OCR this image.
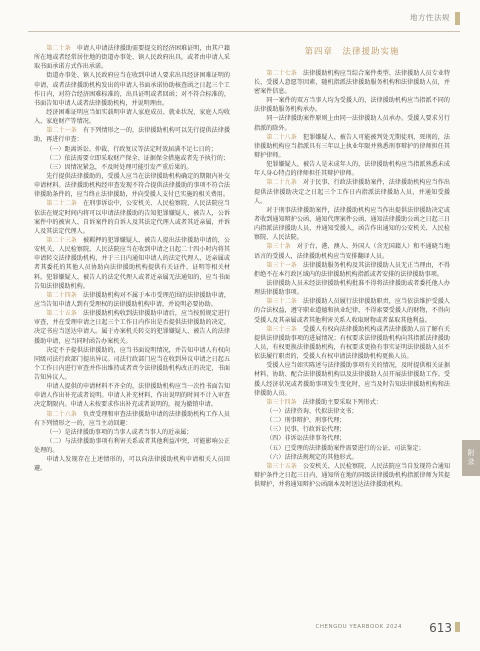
地方性法规

第二十条　 申请人申请法律援助需要提交的经济困难证明，由其户籍所在地或者经常居住地的街道办事处、镇人民政府出具，或者由申请人采取书面承诺方式作出承诺。

街道办事处、镇人民政府应当在收到申请人要求出具经济困难证明的申请，或者法律援助机构发出的申请人书面承诺协助核查函之日起三个工作日内，对符合经济困难标准的，出具证明或者回函；对不符合标准的，书面告知申请人或者法律援助机构，并说明理由。

经济困难证明应当如实载明申请人家庭成员、就业状况、家庭人均收入、家庭财产等情况。

第二十一条　 有下列情形之一的，法律援助机构可以先行提供法律援助，再进行审查：

（一）距离诉讼、仲裁、行政复议等法定时效届满不足七日的；

（二）依法需要立即采取财产保全、证据保全措施或者先予执行的；

（三）因情况紧急，不及时处理可能引发严重后果的。

先行提供法律援助的，受援人应当在法律援助机构确定的期限内补交申请材料。法律援助机构经审查发现不符合提供法律援助的事项不符合法律援助条件的，应当终止法律援助，并向受援人支付已实施的相关费用。

第二十二条　 在刑事诉讼中，公安机关、人民检察院、人民法院应当依法在规定时间内将可以申请法律援助的告知犯罪嫌疑人、被告人，公诉案件中的被害人、自诉案件的自诉人及其法定代理人或者其近亲属，并诉人及其法定代理人。

第二十三条　 被羁押的犯罪嫌疑人、被告人提出法律援助申请的，公安机关、人民检察院、人民法院应当在收到申请之日起二十四小时内将其申请转交法律援助机构，并于三日内通知申请人的法定代理人、近亲属或者其委托的其他人员协助向法律援助机构提供有关证件、证明等相关材料。犯罪嫌疑人、被告人的法定代理人或者近亲属无法通知的，应当书面告知法律援助机构。

第二十四条　 法律援助机构对不属于本市受理范围的法律援助申请，应当告知申请人到有受理权的法律援助机构申请，并说明必要协助。

第二十五条　 法律援助机构收到法律援助申请后，应当按照规定进行审查，并在受理申请之日起三个工作日内作出是否提供法律援助的决定，决定书应当送达申请人。属于办案机关转交的犯罪嫌疑人、被告人的法律援助申请，应当同时函告办案机关。

决定不予提供法律援助的，应当书面说明情况，并告知申请人有权向同级司法行政部门提出异议。司法行政部门应当在收到异议申请之日起五个工作日内进行审查并作出维持或者责令法律援助机构改正的决定，书面告知异议人。

申请人提供的申请材料不齐全的，法律援助机构应当一次性书面告知申请人作出补充或者说明。申请人补充材料、作出说明的时间不计入审查决定期限内。申请人未按要求作出补充或者说明的，视为撤销申请。

第二十六条　 负责受理和审查法律援助申请的法律援助机构工作人员有下列情形之一的，应当主动回避：

（一）是法律援助事项的当事人或者当事人的近亲属；

（二）与法律援助事项有利害关系或者其他利益冲突，可能影响公正处理的。

申请人发现存在上述情形的，可以向法律援助机构申请相关人员回避。

第四章　法律援助实施

第二十七条　 法律援助机构应当综合案件类型、法律援助人员专业特长、受援人意愿等因素，随机指派法律援助服务机构和法律援助人员，并密案件信息。

同一案件的双方当事人均为受援人的，法律援助机构应当指派不同的法律援助服务机构承办。

同一法律援助案件原则上由同一法律援助人员承办。受援人要求另行指派的除外。

第二十八条　 犯罪嫌疑人、被告人可能被判处无期徒刑、死刑的，法律援助机构应当指派具有三年以上执业年限并熟悉刑事辩护的律师担任其辩护律师。

犯罪嫌疑人、被告人是未成年人的，法律援助机构应当指派熟悉未成年人身心特点的律师担任其辩护律师。

第二十九条　 对于民事、行政法律援助案件，法律援助机构应当作出提供法律援助决定之日起三个工作日内指派法律援助人员，并通知受援人。

对于刑事法律援助案件，法律援助机构应当作出提供法律援助决定或者收到通知辩护公函、通知代理案件公函、通知法律援助公函之日起三日内指派法律援助人员，并通知受援人，函告作出通知的公安机关、人民检察院、人民法院。

第三十条　 对于台、港、澳人、外国人（含无国籍人）和不通晓当地语言的受援人，法律援助机构应当安排翻译人员。

第三十一条　 法律援助服务机构及其法律援助人员无正当理由，不得拒绝不在本行政区域内的法律援助机构指派或者安排的法律援助事项。

法律援助人员未经法律援助机构批准不得将法律援助或者委托他人办理法律援助事项。

第三十二条　 法律援助人员履行法律援助职责，应当依法维护受援人的合法权益，遵守职业道德和执业纪律，不得索要受援人的财物，不得向受援人及其亲属或者其他利害关系人收取财物或者谋取其他利益。

第三十三条　 受援人有权向法律援助机构或者法律援助人员了解有关提供法律援助事项的进展情况；有权要求法律援助机构向其指派法律援助人员，有权更换法律援助机构，有权要求更换有事实证明法律援助人员不依法履行职责的，受援人有权申请法律援助机构更换人员。

受援人应当如实陈述与法律援助事项有关的情况，及时提供相关证据材料，协助、配合法律援助机构以及法律援助人员开展法律援助工作。受援人经济状况或者援助事项发生变化时，应当及时告知法律援助机构和法律援助人员。

第三十四条　 法律援助主要采取下列形式：

（一）法律咨询、代拟法律文书；

（二）刑事辩护、刑事代理；

（三）民事、行政诉讼代理；

（四）非诉讼法律事务代理；

（五）已受理的法律援助案件需要进行的公证、司法鉴定；

（六）法律法规规定的其他形式。

第三十五条　 公安机关、人民检察院、人民法院应当自发现符合通知辩护条件之日起三日内，通知所在地的同级法律援助机构指派律师为其提供辩护，并将通知辩护公函副本及时送达法律援助机构。

附录
CHENGDU YEARBOOK 2024 613
